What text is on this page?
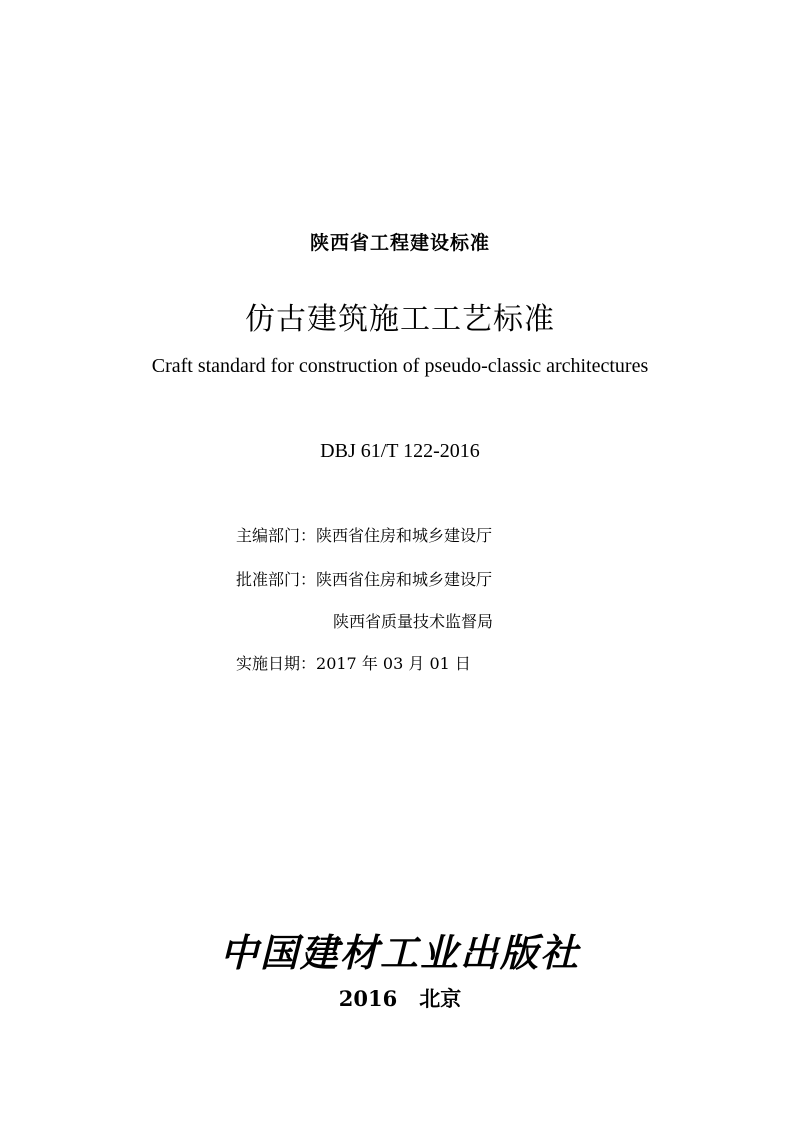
陕西省工程建设标准
仿古建筑施工工艺标准
Craft standard for construction of pseudo-classic architectures
DBJ 61/T 122-2016
主编部门：陕西省住房和城乡建设厅
批准部门：陕西省住房和城乡建设厅
陕西省质量技术监督局
实施日期：2017 年 03 月 01 日
中国建材工业出版社
2016 北京
